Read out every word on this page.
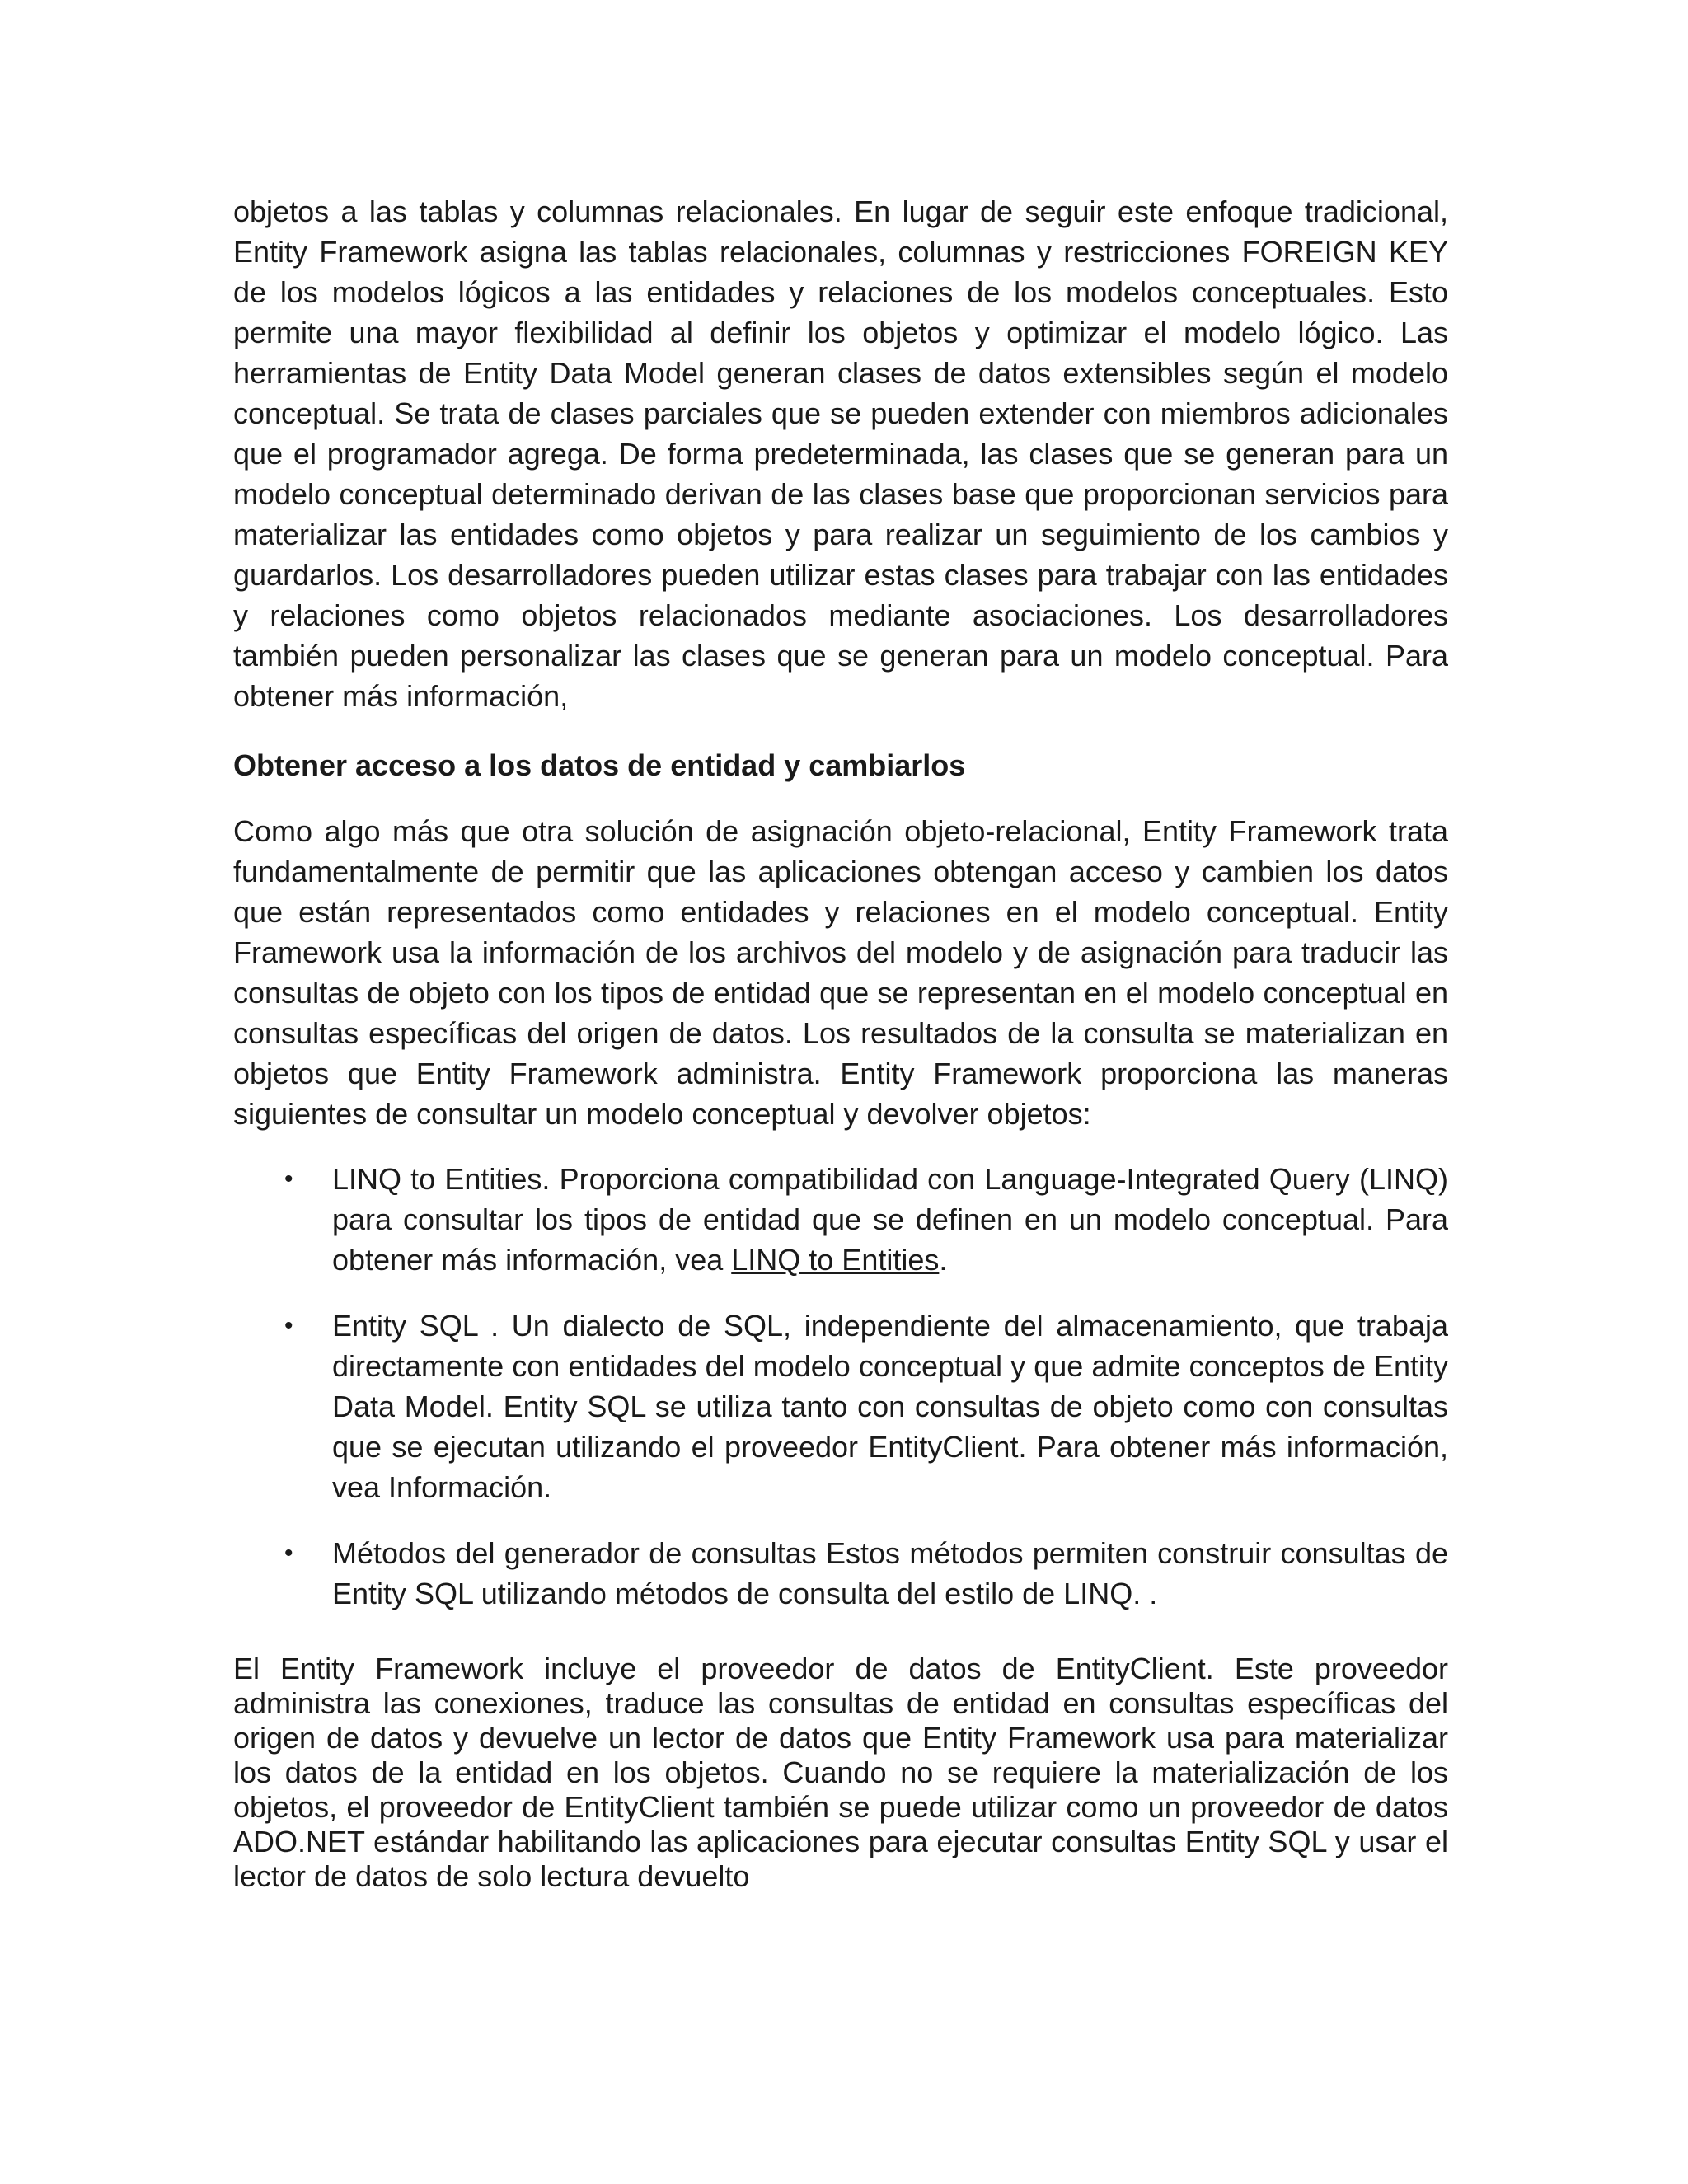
objetos a las tablas y columnas relacionales. En lugar de seguir este enfoque tradicional, Entity Framework asigna las tablas relacionales, columnas y restricciones FOREIGN KEY de los modelos lógicos a las entidades y relaciones de los modelos conceptuales. Esto permite una mayor flexibilidad al definir los objetos y optimizar el modelo lógico. Las herramientas de Entity Data Model generan clases de datos extensibles según el modelo conceptual. Se trata de clases parciales que se pueden extender con miembros adicionales que el programador agrega. De forma predeterminada, las clases que se generan para un modelo conceptual determinado derivan de las clases base que proporcionan servicios para materializar las entidades como objetos y para realizar un seguimiento de los cambios y guardarlos. Los desarrolladores pueden utilizar estas clases para trabajar con las entidades y relaciones como objetos relacionados mediante asociaciones. Los desarrolladores también pueden personalizar las clases que se generan para un modelo conceptual. Para obtener más información,

Obtener acceso a los datos de entidad y cambiarlos

Como algo más que otra solución de asignación objeto-relacional, Entity Framework trata fundamentalmente de permitir que las aplicaciones obtengan acceso y cambien los datos que están representados como entidades y relaciones en el modelo conceptual. Entity Framework usa la información de los archivos del modelo y de asignación para traducir las consultas de objeto con los tipos de entidad que se representan en el modelo conceptual en consultas específicas del origen de datos. Los resultados de la consulta se materializan en objetos que Entity Framework administra. Entity Framework proporciona las maneras siguientes de consultar un modelo conceptual y devolver objetos:

• LINQ to Entities. Proporciona compatibilidad con Language-Integrated Query (LINQ) para consultar los tipos de entidad que se definen en un modelo conceptual. Para obtener más información, vea LINQ to Entities.
• Entity SQL . Un dialecto de SQL, independiente del almacenamiento, que trabaja directamente con entidades del modelo conceptual y que admite conceptos de Entity Data Model. Entity SQL se utiliza tanto con consultas de objeto como con consultas que se ejecutan utilizando el proveedor EntityClient. Para obtener más información, vea Información.
• Métodos del generador de consultas Estos métodos permiten construir consultas de Entity SQL utilizando métodos de consulta del estilo de LINQ. .

El Entity Framework incluye el proveedor de datos de EntityClient. Este proveedor administra las conexiones, traduce las consultas de entidad en consultas específicas del origen de datos y devuelve un lector de datos que Entity Framework usa para materializar los datos de la entidad en los objetos. Cuando no se requiere la materialización de los objetos, el proveedor de EntityClient también se puede utilizar como un proveedor de datos ADO.NET estándar habilitando las aplicaciones para ejecutar consultas Entity SQL y usar el lector de datos de solo lectura devuelto
